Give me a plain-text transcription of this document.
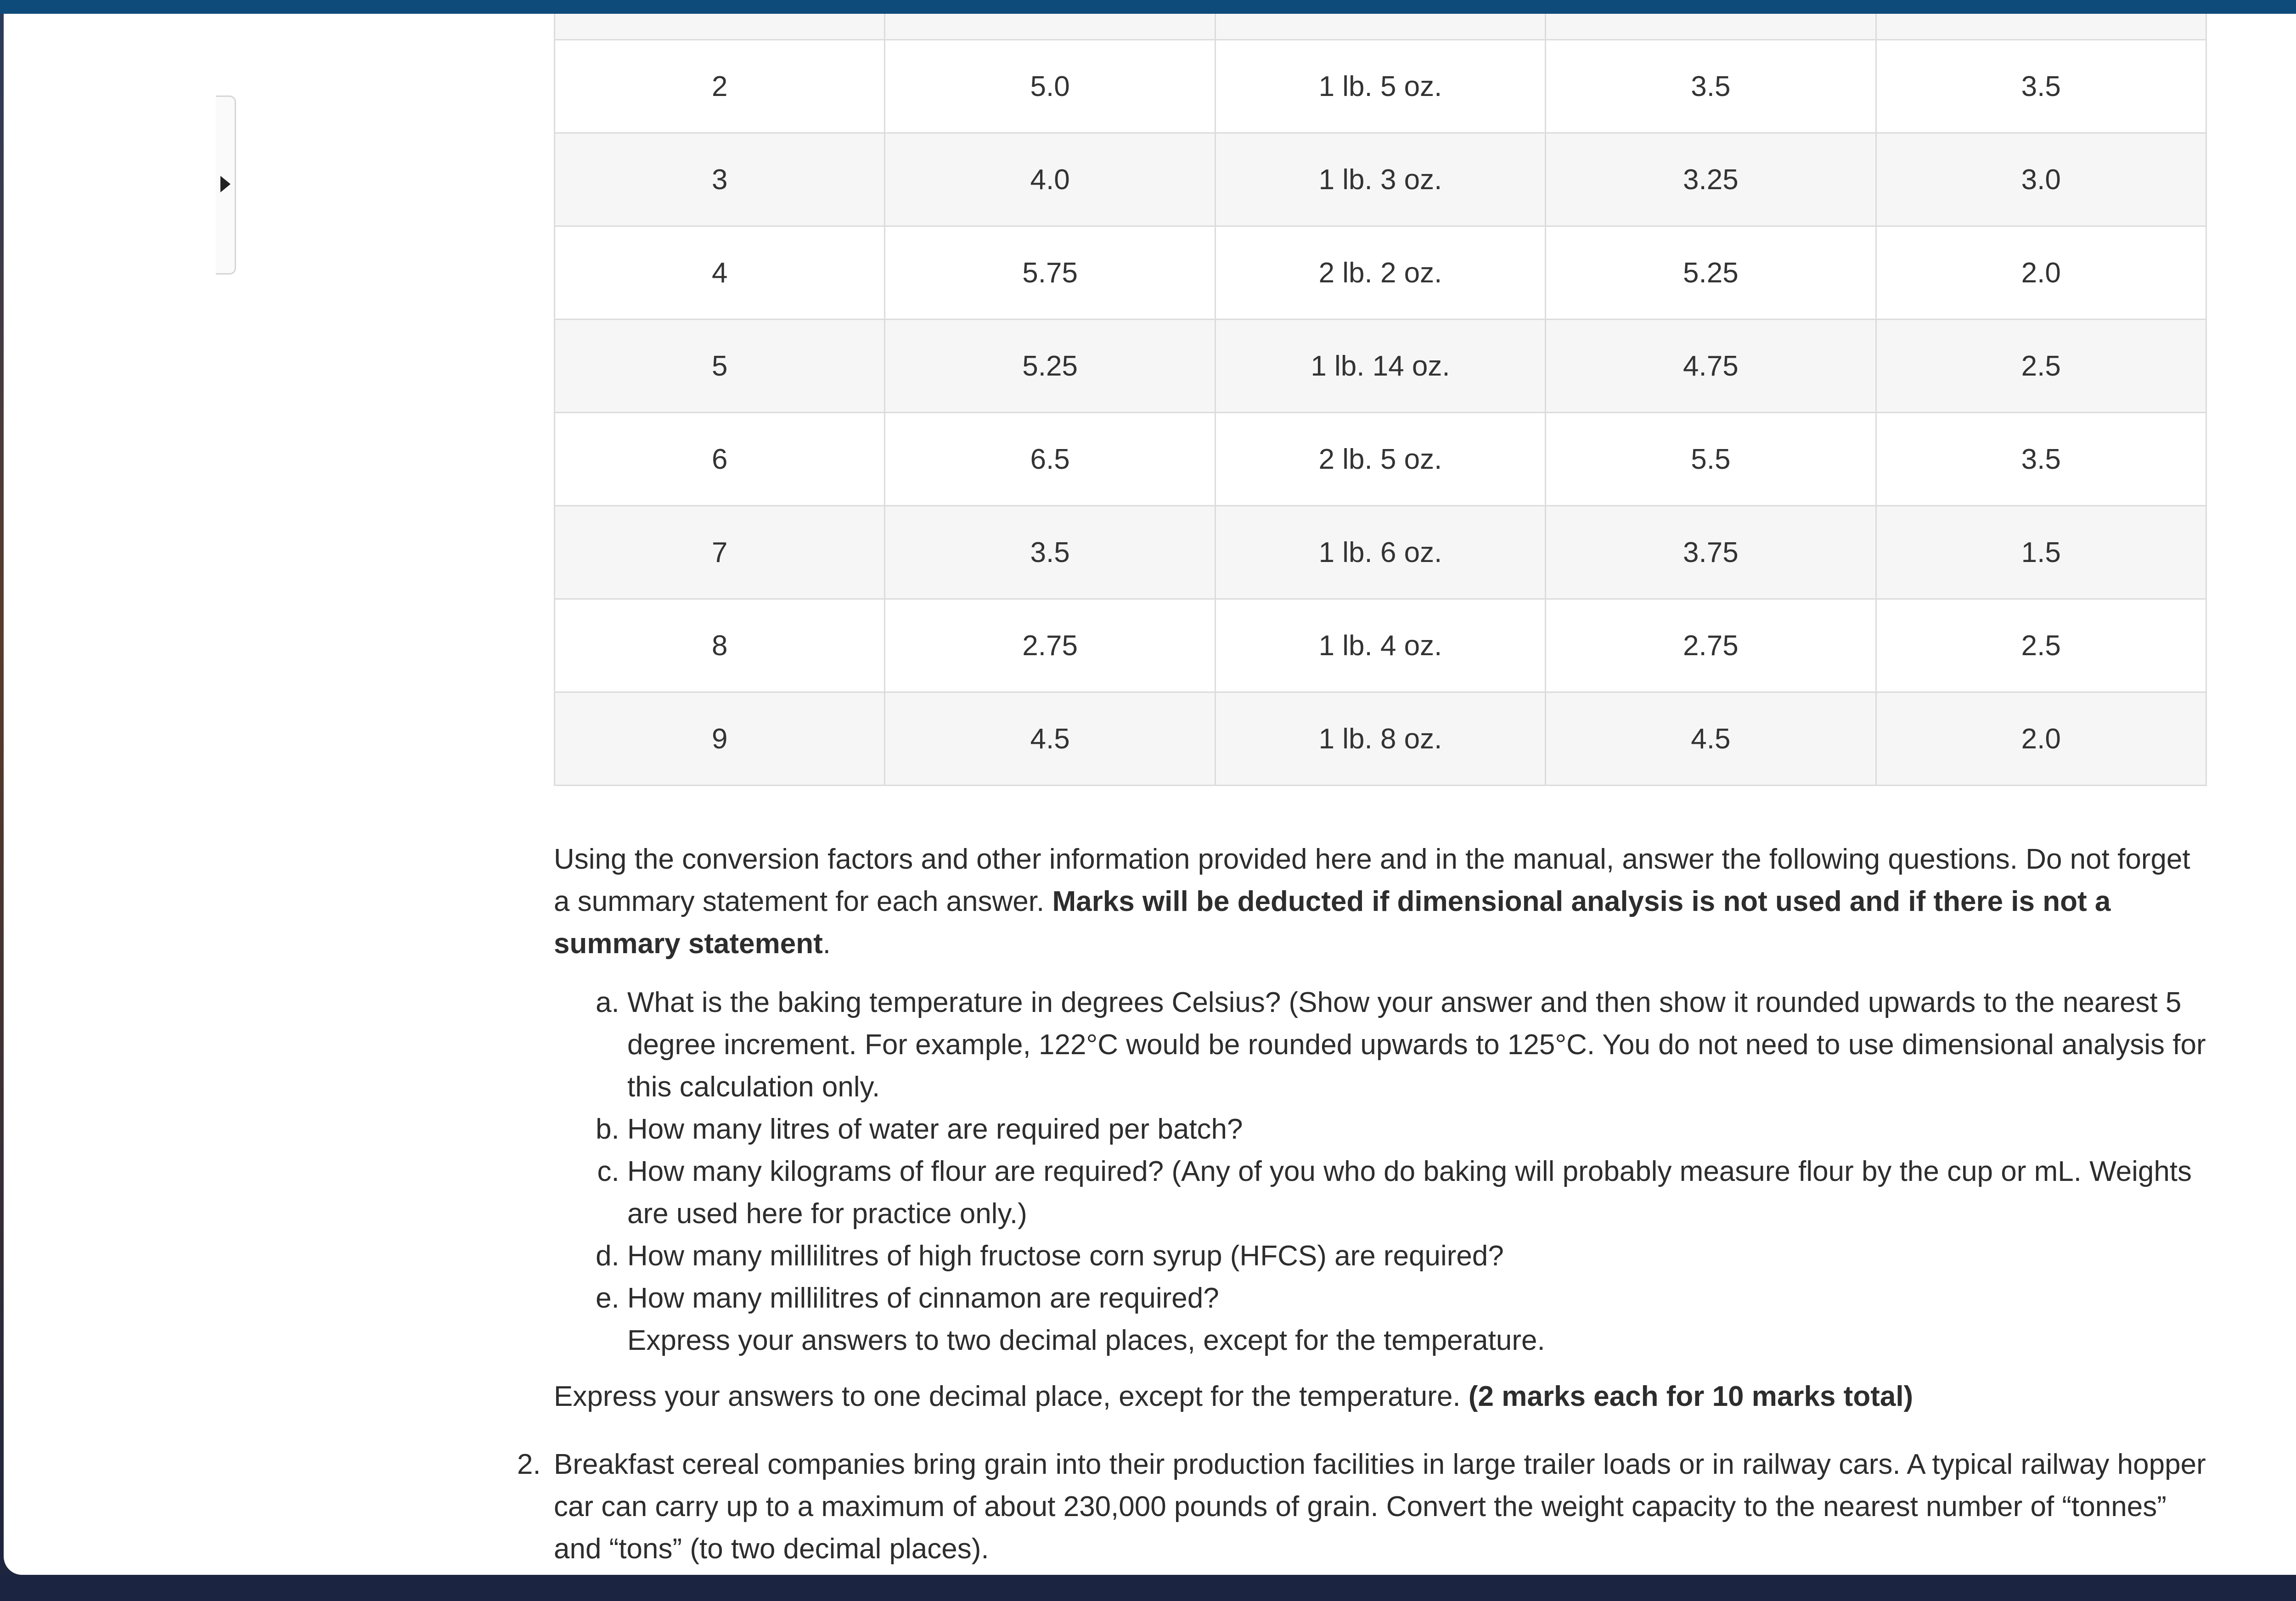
2	5.0	1 lb. 5 oz.	3.5	3.5
3	4.0	1 lb. 3 oz.	3.25	3.0
4	5.75	2 lb. 2 oz.	5.25	2.0
5	5.25	1 lb. 14 oz.	4.75	2.5
6	6.5	2 lb. 5 oz.	5.5	3.5
7	3.5	1 lb. 6 oz.	3.75	1.5
8	2.75	1 lb. 4 oz.	2.75	2.5
9	4.5	1 lb. 8 oz.	4.5	2.0

Using the conversion factors and other information provided here and in the manual, answer the following questions. Do not forget a summary statement for each answer. Marks will be deducted if dimensional analysis is not used and if there is not a summary statement.

a. What is the baking temperature in degrees Celsius? (Show your answer and then show it rounded upwards to the nearest 5 degree increment. For example, 122°C would be rounded upwards to 125°C. You do not need to use dimensional analysis for this calculation only.
b. How many litres of water are required per batch?
c. How many kilograms of flour are required? (Any of you who do baking will probably measure flour by the cup or mL. Weights are used here for practice only.)
d. How many millilitres of high fructose corn syrup (HFCS) are required?
e. How many millilitres of cinnamon are required?

Express your answers to two decimal places, except for the temperature.

Express your answers to one decimal place, except for the temperature. (2 marks each for 10 marks total)

2. Breakfast cereal companies bring grain into their production facilities in large trailer loads or in railway cars. A typical railway hopper car can carry up to a maximum of about 230,000 pounds of grain. Convert the weight capacity to the nearest number of “tonnes” and “tons” (to two decimal places).
